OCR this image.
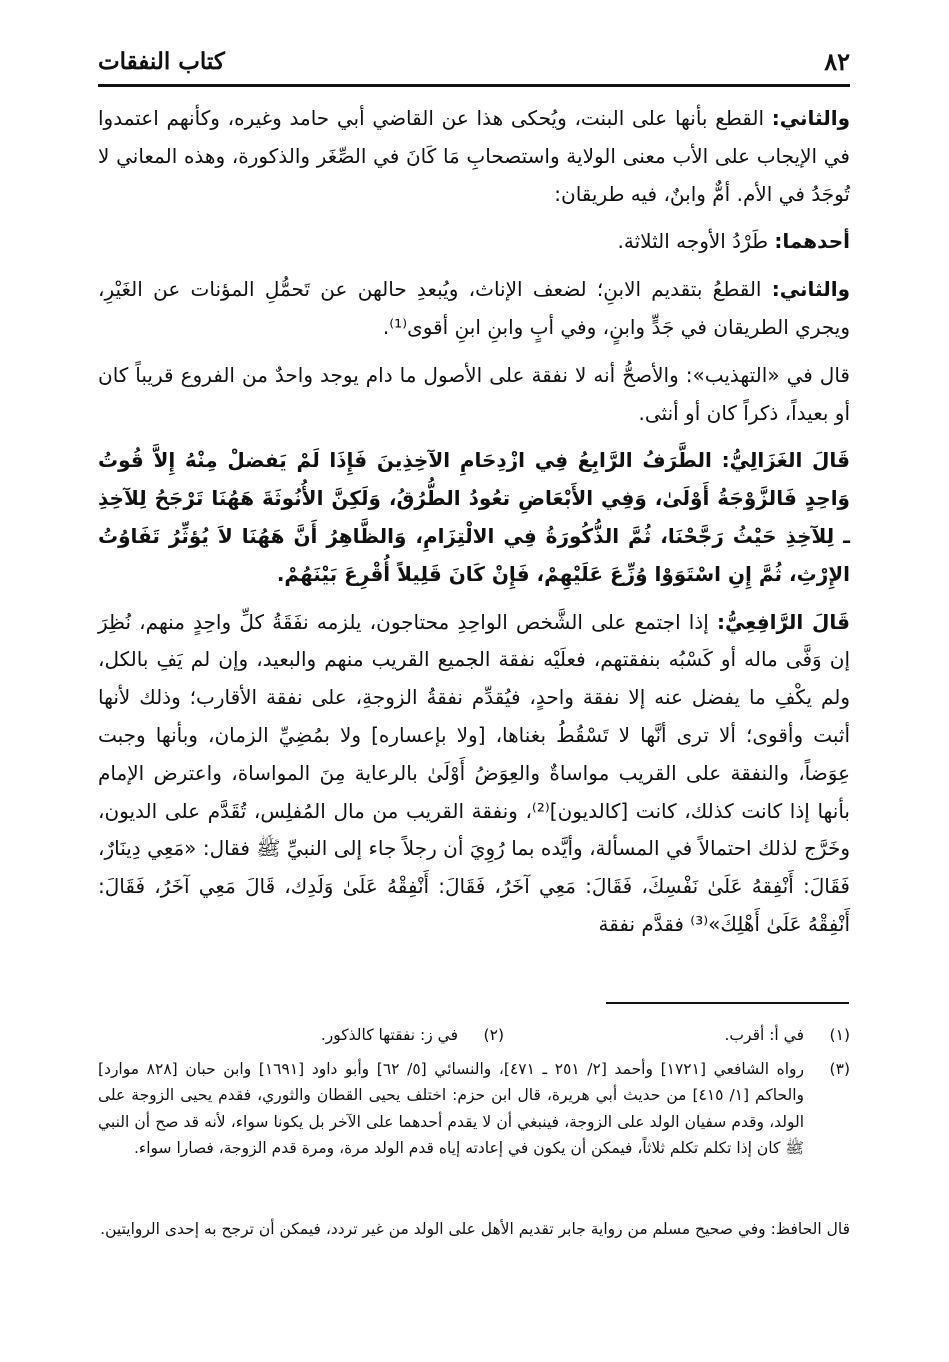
٨٢
كتاب النفقات

والثاني: القطع بأنها على البنت، ويُحكى هذا عن القاضي أبي حامد وغيره، وكأنهم اعتمدوا في الإيجاب على الأب معنى الولاية واستصحابِ مَا كَانَ في الصِّغَر والذكورة، وهذه المعاني لا تُوجَدُ في الأم. أمٌّ وابنٌ، فيه طريقان:

أحدهما: طَرْدُ الأوجه الثلاثة.

والثاني: القطعُ بتقديم الابنِ؛ لضعف الإناث، ويُبعدِ حالهن عن تَحمُّلِ المؤنات عن الغَيْرِ، ويجري الطريقان في جَدٍّ وابنٍ، وفي أبٍ وابنِ ابنِ أقوى⁽¹⁾.

قال في «التهذيب»: والأصحُّ أنه لا نفقة على الأصول ما دام يوجد واحدٌ من الفروع قريباً كان أو بعيداً، ذكراً كان أو أنثى.

قَالَ الغَزَالِيُّ: الطَّرَفُ الرَّابِعُ فِي ازْدِحَامِ الآخِذِينَ فَإِذَا لَمْ يَفضلْ مِنْهُ إِلاَّ قُوتُ وَاحِدٍ فَالزَّوْجَةُ أَوْلَىٰ، وَفِي الأَبْعَاضِ تعُودُ الطُّرُقُ، وَلَكِنَّ الأُنُوثَةَ هَهُنَا تَرْجَحُ لِلآخِذِ ـ لِلآخِذِ حَيْثُ رَجَّحْنَا، ثُمَّ الذُّكُورَةُ فِي الالْتِزَامِ، وَالظَّاهِرُ أَنَّ هَهُنَا لاَ يُؤثِّرُ تَفَاوُتُ الإِرْثِ، ثُمَّ إِنِ اسْتَوَوْا وُزِّعَ عَلَيْهِمْ، فَإِنْ كَانَ قَلِيلاً أُقْرِعَ بَيْنَهُمْ.

قَالَ الرَّافِعِيُّ: إذا اجتمع على الشَّخص الواحِدِ محتاجون، يلزمه نفَقَةُ كلِّ واحِدٍ منهم، نُظِرَ إن وَفَّى ماله أو كَسْبُه بنفقتهم، فعلَيْه نفقة الجميع القريب منهم والبعيد، وإن لم يَفِ بالكل، ولم يكْفِ ما يفضل عنه إلا نفقة واحدٍ، فيُقدِّم نفقةُ الزوجةِ، على نفقة الأقارب؛ وذلك لأنها أثبت وأقوى؛ ألا ترى أنَّها لا تَسْقُطُ بغناها، [ولا بإعساره] ولا بمُضِيِّ الزمان، وبأنها وجبت عِوَضاً، والنفقة على القريب مواساةٌ والعِوَضُ أَوْلَىٰ بالرعاية مِنَ المواساة، واعترض الإمام بأنها إذا كانت كذلك، كانت [كالديون]⁽²⁾، ونفقة القريب من مال المُفلِس، تُقَدَّم على الديون، وخَرَّج لذلك احتمالاً في المسألة، وأيَّده بما رُوِيَ أن رجلاً جاء إلى النبيِّ ﷺ فقال: «مَعِي دِينَارٌ، فَقَالَ: أَنْفِقهُ عَلَىٰ نَفْسِكَ، فَقَالَ: مَعِي آخَرُ، فَقَالَ: أَنْفِقْهُ عَلَىٰ وَلَدِك، قَالَ مَعِي آخَرُ، فَقَالَ: أَنْفِقْهُ عَلَىٰ أَهْلِكَ»⁽³⁾ فقدَّم نفقة

(١)
في أ: أقرب.
(٢)
في ز: نفقتها كالذكور.
(٣)
رواه الشافعي [١٧٢١] وأحمد [٢/ ٢٥١ ـ ٤٧١]، والنسائي [٥/ ٦٢] وأبو داود [١٦٩١] وابن حبان [٨٢٨ موارد] والحاكم [١/ ٤١٥] من حديث أبي هريرة، قال ابن حزم: اختلف يحيى القطان والثوري، فقدم يحيى الزوجة على الولد، وقدم سفيان الولد على الزوجة، فينبغي أن لا يقدم أحدهما على الآخر بل يكونا سواء، لأنه قد صح أن النبي ﷺ كان إذا تكلم تكلم ثلاثاً، فيمكن أن يكون في إعادته إياه قدم الولد مرة، ومرة قدم الزوجة، فصارا سواء.
قال الحافظ: وفي صحيح مسلم من رواية جابر تقديم الأهل على الولد من غير تردد، فيمكن أن ترجح به إحدى الروايتين.
